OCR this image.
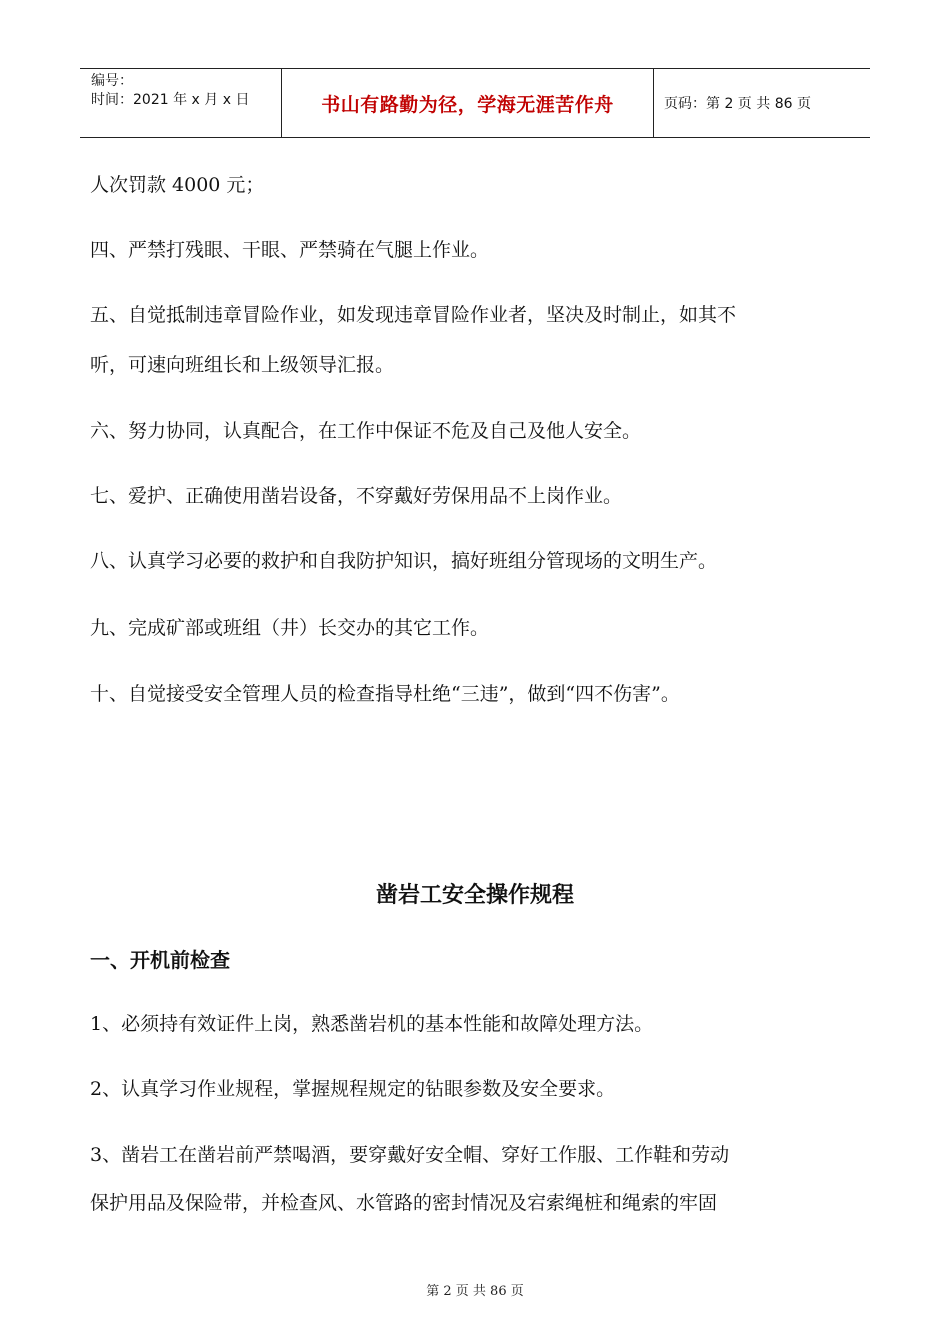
编号：
时间：2021 年 x 月 x 日	书山有路勤为径，学海无涯苦作舟	页码：第 2 页 共 86 页
人次罚款 4000 元；
四、严禁打残眼、干眼、严禁骑在气腿上作业。
五、自觉抵制违章冒险作业，如发现违章冒险作业者，坚决及时制止，如其不
听，可速向班组长和上级领导汇报。
六、努力协同，认真配合，在工作中保证不危及自己及他人安全。
七、爱护、正确使用凿岩设备，不穿戴好劳保用品不上岗作业。
八、认真学习必要的救护和自我防护知识，搞好班组分管现场的文明生产。
九、完成矿部或班组（井）长交办的其它工作。
十、自觉接受安全管理人员的检查指导杜绝“三违”，做到“四不伤害”。
凿岩工安全操作规程
一、开机前检查
1、必须持有效证件上岗，熟悉凿岩机的基本性能和故障处理方法。
2、认真学习作业规程，掌握规程规定的钻眼参数及安全要求。
3、凿岩工在凿岩前严禁喝酒，要穿戴好安全帽、穿好工作服、工作鞋和劳动
保护用品及保险带，并检查风、水管路的密封情况及宕索绳桩和绳索的牢固
第 2 页 共 86 页
